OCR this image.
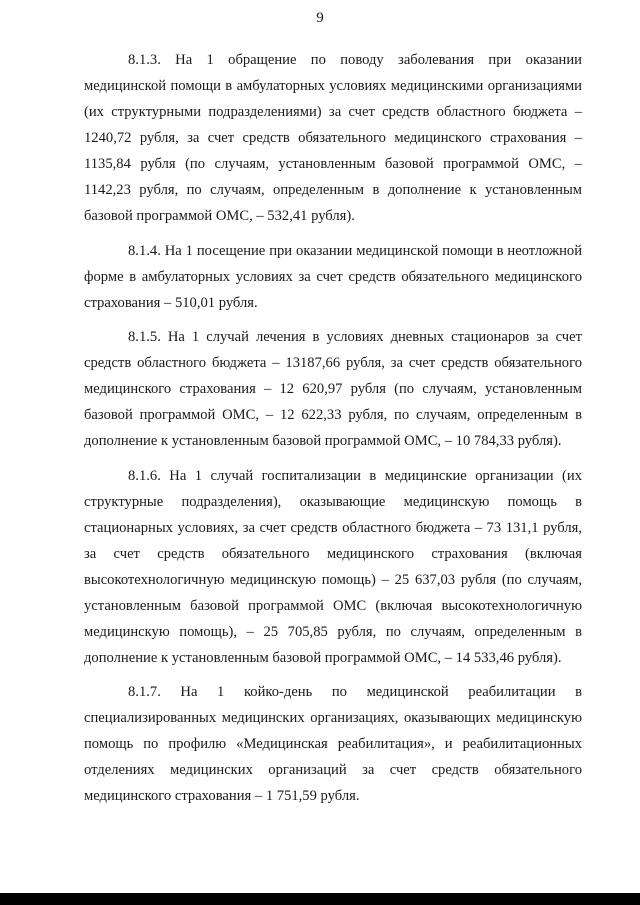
9

8.1.3. На 1 обращение по поводу заболевания при оказании медицинской помощи в амбулаторных условиях медицинскими организациями (их структурными подразделениями) за счет средств областного бюджета – 1240,72 рубля, за счет средств обязательного медицинского страхования – 1135,84 рубля (по случаям, установленным базовой программой ОМС, – 1142,23 рубля, по случаям, определенным в дополнение к установленным базовой программой ОМС, – 532,41 рубля).

8.1.4. На 1 посещение при оказании медицинской помощи в неотложной форме в амбулаторных условиях за счет средств обязательного медицинского страхования – 510,01 рубля.

8.1.5. На 1 случай лечения в условиях дневных стационаров за счет средств областного бюджета – 13187,66 рубля, за счет средств обязательного медицинского страхования – 12 620,97 рубля (по случаям, установленным базовой программой ОМС, – 12 622,33 рубля, по случаям, определенным в дополнение к установленным базовой программой ОМС, – 10 784,33 рубля).

8.1.6. На 1 случай госпитализации в медицинские организации (их структурные подразделения), оказывающие медицинскую помощь в стационарных условиях, за счет средств областного бюджета – 73 131,1 рубля, за счет средств обязательного медицинского страхования (включая высокотехнологичную медицинскую помощь) – 25 637,03 рубля (по случаям, установленным базовой программой ОМС (включая высокотехнологичную медицинскую помощь), – 25 705,85 рубля, по случаям, определенным в дополнение к установленным базовой программой ОМС, – 14 533,46 рубля).

8.1.7. На 1 койко-день по медицинской реабилитации в специализированных медицинских организациях, оказывающих медицинскую помощь по профилю «Медицинская реабилитация», и реабилитационных отделениях медицинских организаций за счет средств обязательного медицинского страхования – 1 751,59 рубля.
